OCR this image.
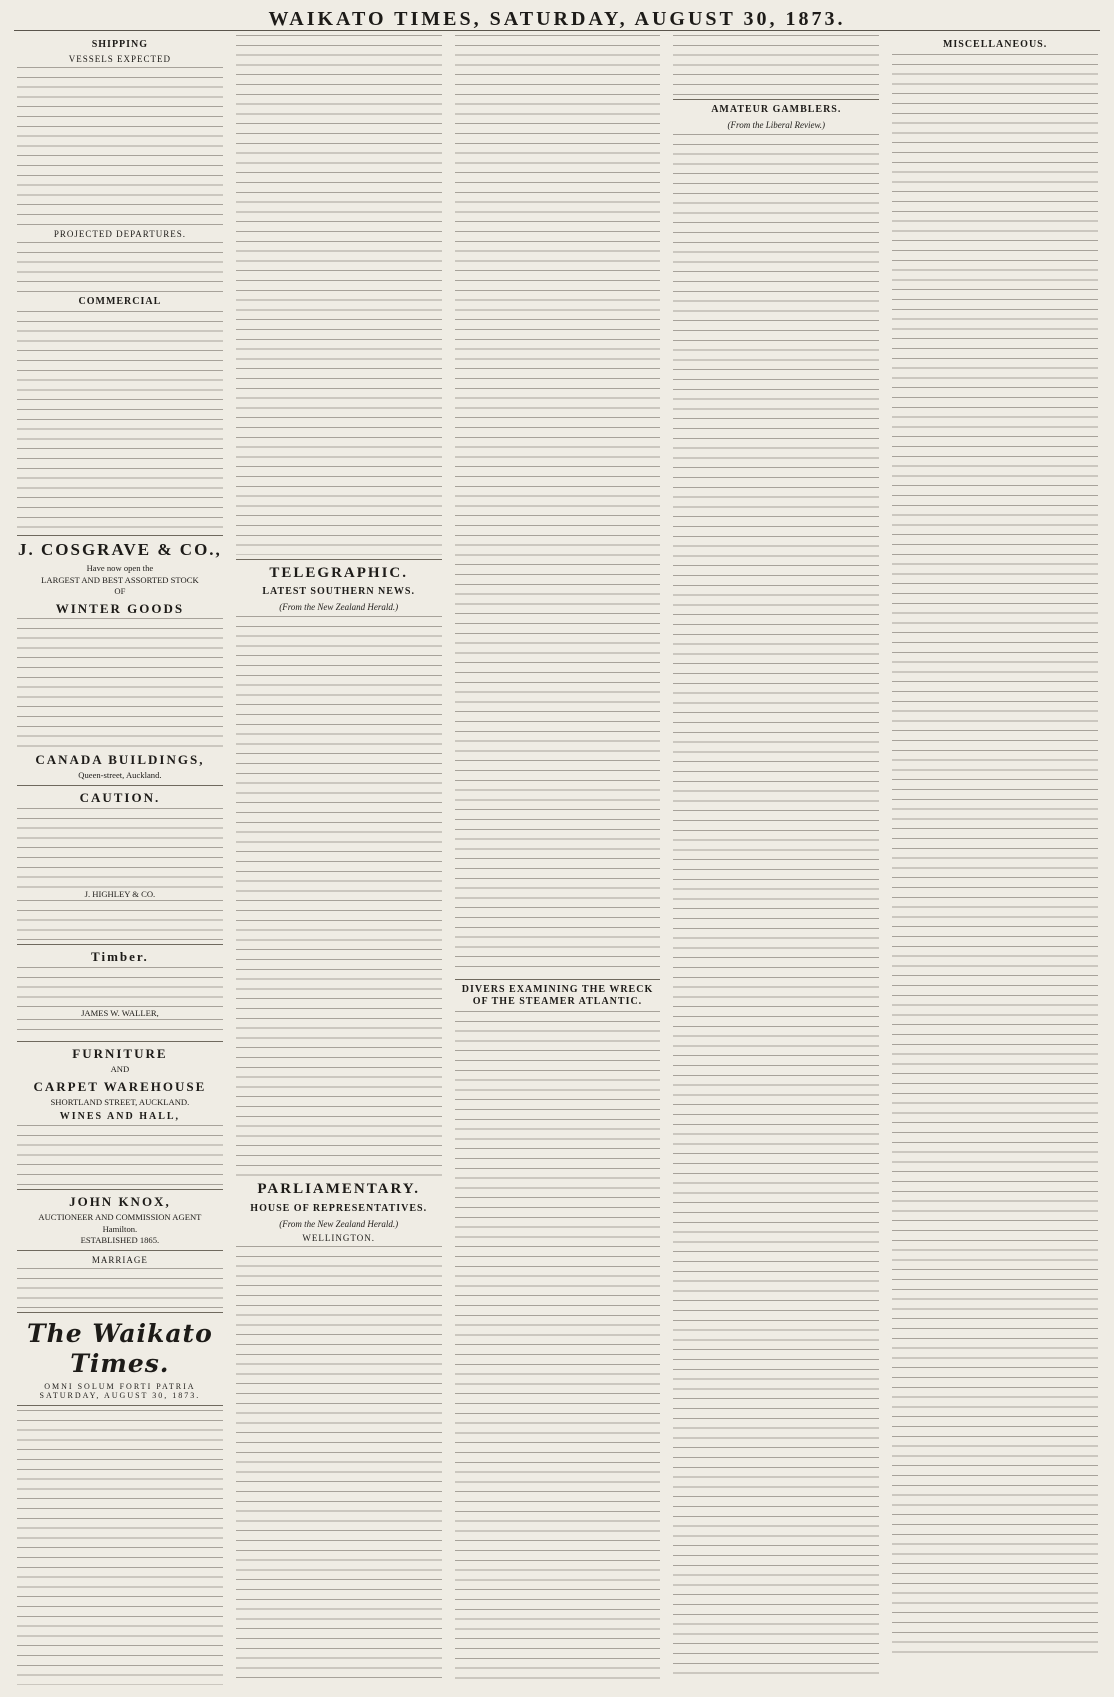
WAIKATO TIMES, SATURDAY, AUGUST 30, 1873.
SHIPPING
VESSELS EXPECTED
PROJECTED DEPARTURES.
COMMERCIAL
J. COSGRAVE & CO.,
Have now open the
LARGEST AND BEST ASSORTED STOCK
OF
WINTER GOODS
CANADA BUILDINGS,
Queen-street, Auckland.
CAUTION.
J. HIGHLEY & CO.
Timber.
JAMES W. WALLER,
FURNITURE
AND
CARPET WAREHOUSE
SHORTLAND STREET, AUCKLAND.
WINES AND HALL,
JOHN KNOX,
AUCTIONEER AND COMMISSION AGENT
Hamilton.
ESTABLISHED 1865.
MARRIAGE
The Waikato Times.
OMNI SOLUM FORTI PATRIA
SATURDAY, AUGUST 30, 1873.
TELEGRAPHIC.
LATEST SOUTHERN NEWS.
(From the New Zealand Herald.)
PARLIAMENTARY.
HOUSE OF REPRESENTATIVES.
(From the New Zealand Herald.)
WELLINGTON.
DIVERS EXAMINING THE WRECK OF THE STEAMER ATLANTIC.
AMATEUR GAMBLERS.
(From the Liberal Review.)
MISCELLANEOUS.
